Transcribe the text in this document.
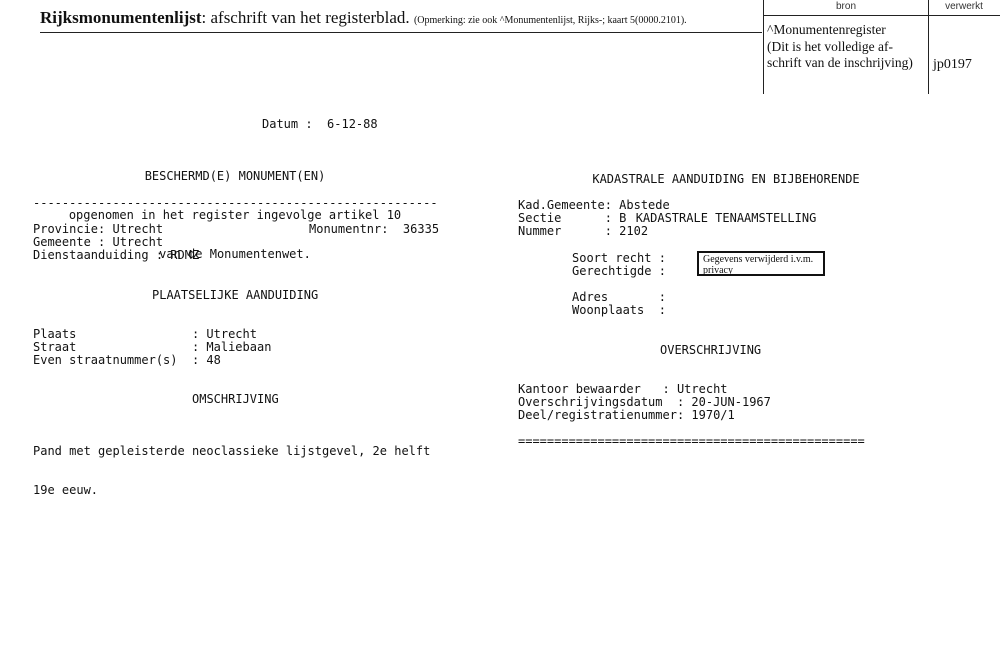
Rijksmonumentenlijst: afschrift van het registerblad. (Opmerking: zie ook ^Monumentenlijst, Rijks-; kaart 5(0000.2101).
bron	verwerkt
^Monumentenregister
(Dit is het volledige af-
schrift van de inschrijving)	jp0197
Datum :  6-12-88

BESCHERMD(E) MONUMENT(EN)

opgenomen in het register ingevolge artikel 10

van de Monumentenwet.

--------------------------------------------------------
Provincie: Utrecht	Monumentnr:  36335
Gemeente : Utrecht
Dienstaanduiding : RDMZ
PLAATSELIJKE AANDUIDING
Plaats                : Utrecht
Straat                : Maliebaan
Even straatnummer(s)  : 48
OMSCHRIJVING

Pand met gepleisterde neoclassieke lijstgevel, 2e helft

19e eeuw.

KADASTRALE AANDUIDING EN BIJBEHORENDE

KADASTRALE TENAAMSTELLING

Kad.Gemeente: Abstede
Sectie      : B
Nummer      : 2102
Soort recht :
Gerechtigde :
Gegevens verwijderd i.v.m. privacy
Adres       :
Woonplaats  :
OVERSCHRIJVING
Kantoor bewaarder   : Utrecht
Overschrijvingsdatum  : 20-JUN-1967
Deel/registratienummer: 1970/1
================================================
